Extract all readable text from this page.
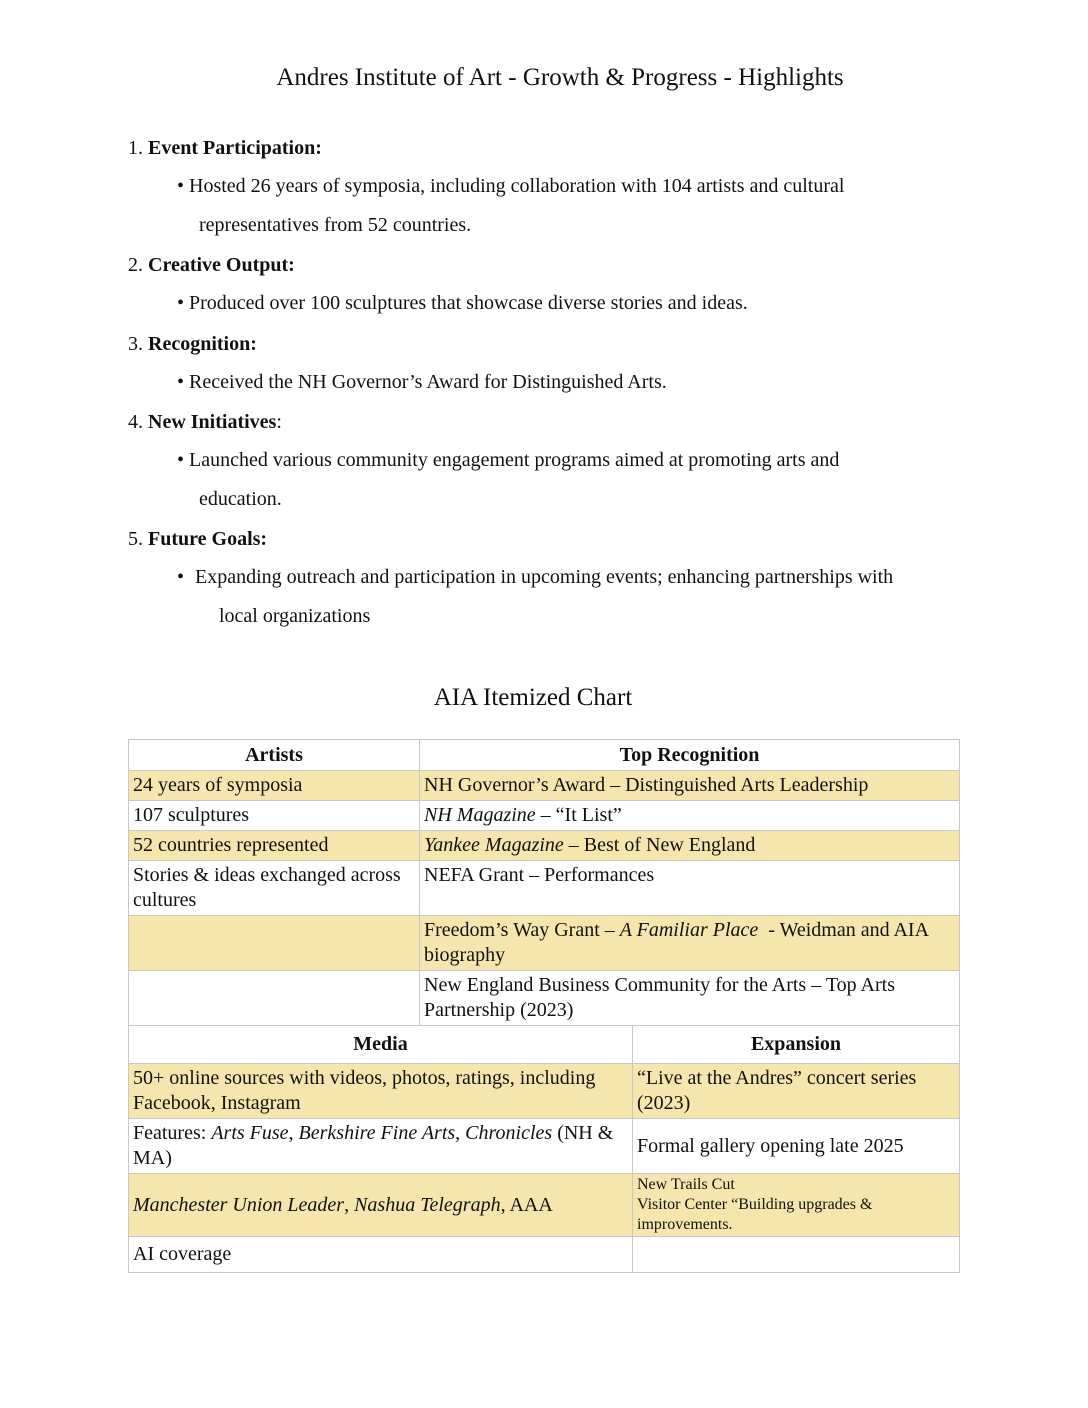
Andres Institute of Art - Growth & Progress - Highlights
1. Event Participation:
• Hosted 26 years of symposia, including collaboration with 104 artists and cultural
representatives from 52 countries.
2. Creative Output:
• Produced over 100 sculptures that showcase diverse stories and ideas.
3. Recognition:
• Received the NH Governor’s Award for Distinguished Arts.
4. New Initiatives:
• Launched various community engagement programs aimed at promoting arts and
education.
5. Future Goals:
• Expanding outreach and participation in upcoming events; enhancing partnerships with
local organizations
AIA Itemized Chart
Artists	Top Recognition
24 years of symposia	NH Governor’s Award – Distinguished Arts Leadership
107 sculptures	NH Magazine – “It List”
52 countries represented	Yankee Magazine – Best of New England
Stories & ideas exchanged across cultures	NEFA Grant – Performances
	Freedom’s Way Grant – A Familiar Place  - Weidman and AIA biography
	New England Business Community for the Arts – Top Arts Partnership (2023)
Media	Expansion
50+ online sources with videos, photos, ratings, including Facebook, Instagram	“Live at the Andres” concert series (2023)
Features: Arts Fuse, Berkshire Fine Arts, Chronicles (NH & MA)	Formal gallery opening late 2025
Manchester Union Leader, Nashua Telegraph, AAA	New Trails Cut
Visitor Center “Building upgrades & improvements.

AI coverage	
